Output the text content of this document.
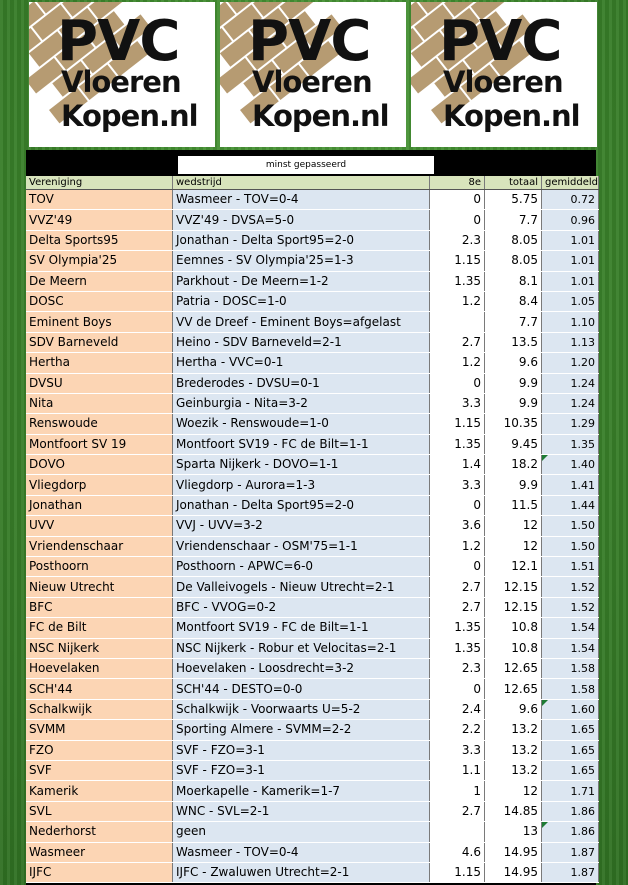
PVC
Vloeren
Kopen.nl
PVC
Vloeren
Kopen.nl
PVC
Vloeren
Kopen.nl
minst gepasseerd
Vereniging	wedstrijd	8e	totaal	gemiddeld
TOV	Wasmeer - TOV=0-4	0	5.75	0.72
VVZ'49	VVZ'49 - DVSA=5-0	0	7.7	0.96
Delta Sports95	Jonathan - Delta Sport95=2-0	2.3	8.05	1.01
SV Olympia'25	Eemnes - SV Olympia'25=1-3	1.15	8.05	1.01
De Meern	Parkhout - De Meern=1-2	1.35	8.1	1.01
DOSC	Patria - DOSC=1-0	1.2	8.4	1.05
Eminent Boys	VV de Dreef - Eminent Boys=afgelast		7.7	1.10
SDV Barneveld	Heino - SDV Barneveld=2-1	2.7	13.5	1.13
Hertha	Hertha - VVC=0-1	1.2	9.6	1.20
DVSU	Brederodes - DVSU=0-1	0	9.9	1.24
Nita	Geinburgia - Nita=3-2	3.3	9.9	1.24
Renswoude	Woezik - Renswoude=1-0	1.15	10.35	1.29
Montfoort SV 19	Montfoort SV19 - FC de Bilt=1-1	1.35	9.45	1.35
DOVO	Sparta Nijkerk - DOVO=1-1	1.4	18.2	1.40
Vliegdorp	Vliegdorp - Aurora=1-3	3.3	9.9	1.41
Jonathan	Jonathan - Delta Sport95=2-0	0	11.5	1.44
UVV	VVJ - UVV=3-2	3.6	12	1.50
Vriendenschaar	Vriendenschaar - OSM'75=1-1	1.2	12	1.50
Posthoorn	Posthoorn - APWC=6-0	0	12.1	1.51
Nieuw Utrecht	De Valleivogels - Nieuw Utrecht=2-1	2.7	12.15	1.52
BFC	BFC - VVOG=0-2	2.7	12.15	1.52
FC de Bilt	Montfoort SV19 - FC de Bilt=1-1	1.35	10.8	1.54
NSC Nijkerk	NSC Nijkerk - Robur et Velocitas=2-1	1.35	10.8	1.54
Hoevelaken	Hoevelaken - Loosdrecht=3-2	2.3	12.65	1.58
SCH'44	SCH'44 - DESTO=0-0	0	12.65	1.58
Schalkwijk	Schalkwijk - Voorwaarts U=5-2	2.4	9.6	1.60
SVMM	Sporting Almere - SVMM=2-2	2.2	13.2	1.65
FZO	SVF - FZO=3-1	3.3	13.2	1.65
SVF	SVF - FZO=3-1	1.1	13.2	1.65
Kamerik	Moerkapelle - Kamerik=1-7	1	12	1.71
SVL	WNC - SVL=2-1	2.7	14.85	1.86
Nederhorst	geen		13	1.86
Wasmeer	Wasmeer - TOV=0-4	4.6	14.95	1.87
IJFC	IJFC - Zwaluwen Utrecht=2-1	1.15	14.95	1.87
